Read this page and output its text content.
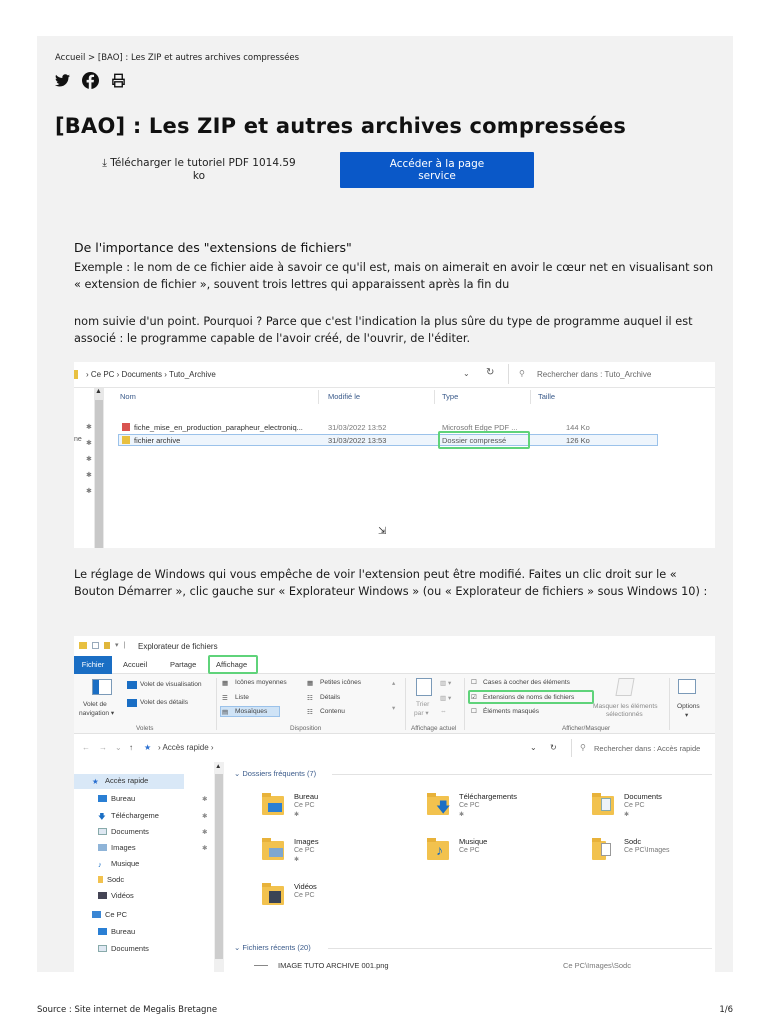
Accueil > [BAO] : Les ZIP et autres archives compressées
[BAO] : Les ZIP et autres archives compressées
⤓ Télécharger le tutoriel PDF 1014.59
ko
Accéder à la page service
De l'importance des "extensions de fichiers"

Exemple : le nom de ce fichier aide à savoir ce qu'il est, mais on aimerait en avoir le cœur net en visualisant son « extension de fichier », souvent trois lettres qui apparaissent après la fin du

nom suivie d'un point. Pourquoi ? Parce que c'est l'indication la plus sûre du type de programme auquel il est associé : le programme capable de l'avoir créé, de l'ouvrir, de l'éditer.

› Ce PC › Documents › Tuto_Archive	⌄ ↻	⚲ Rechercher dans : Tuto_Archive
▲
✱
✱
✱
✱
✱
ne
Nom	Modifié le	Type	Taille
fiche_mise_en_production_parapheur_electroniq...	31/03/2022 13:52	Microsoft Edge PDF ...	144 Ko
fichier archive	31/03/2022 13:53	Dossier compressé	126 Ko
⇲

Le réglage de Windows qui vous empêche de voir l'extension peut être modifié. Faites un clic droit sur le « Bouton Démarrer », clic gauche sur « Explorateur Windows » (ou « Explorateur de fichiers » sous Windows 10) :

▾ | Explorateur de fichiers
Fichier	Accueil	Partage	Affichage
Volet de
navigation ▾
Volet de visualisation
Volet des détails
Volets
▦ Icônes moyennes
☰ Liste
▤ Mosaïques
▦ Petites icônes
☷ Détails
☷ Contenu
▴
▾
Disposition
Trier
par ▾
▥ ▾
▥ ▾
⇔
Affichage actuel
☐ Cases à cocher des éléments
☑ Extensions de noms de fichiers
☐ Éléments masqués
Masquer les éléments
sélectionnés
Afficher/Masquer
Options
▾
← → ⌄ ↑ ★ › Accès rapide ›	⌄ ↻	⚲ Rechercher dans : Accès rapide
★ Accès rapide
Bureau	✱
🡇 Téléchargeme	✱
Documents	✱
Images	✱
♪ Musique
Sodc
Vidéos
Ce PC
Bureau
Documents
▲
⌄ Dossiers fréquents (7)
Bureau
Ce PC
✱	🡇
Téléchargements
Ce PC
✱
Documents
Ce PC
✱
Images
Ce PC
✱
♪
Musique
Ce PC
Sodc
Ce PC\Images
Vidéos
Ce PC
⌄ Fichiers récents (20)
IMAGE TUTO ARCHIVE 001.png	Ce PC\Images\Sodc
Source : Site internet de Megalis Bretagne	1/6
